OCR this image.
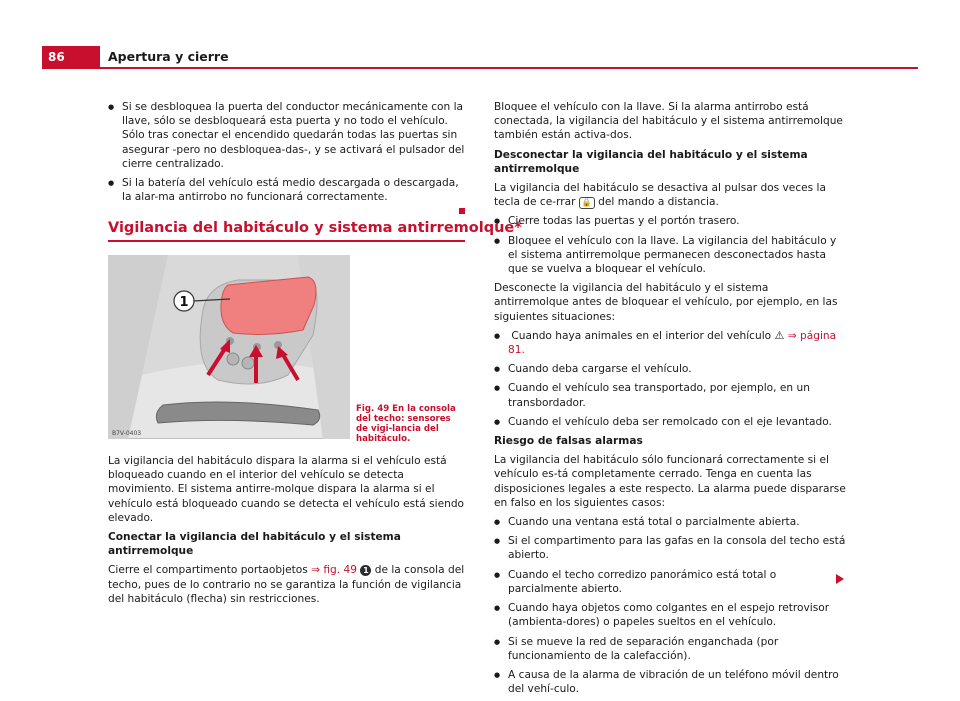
86	Apertura y cierre

● Si se desbloquea la puerta del conductor mecánicamente con la llave, sólo se desbloqueará esta puerta y no todo el vehículo. Sólo tras conectar el encendido quedarán todas las puertas sin asegurar -pero no desbloquea-das-, y se activará el pulsador del cierre centralizado.

● Si la batería del vehículo está medio descargada o descargada, la alar-ma antirrobo no funcionará correctamente.

Vigilancia del habitáculo y sistema antirremolque*
1
B7V-0403
Fig. 49 En la consola del techo: sensores de vigi-lancia del habitáculo.

La vigilancia del habitáculo dispara la alarma si el vehículo está bloqueado cuando en el interior del vehículo se detecta movimiento. El sistema antirre-molque dispara la alarma si el vehículo está bloqueado cuando se detecta el vehículo está siendo elevado.

Conectar la vigilancia del habitáculo y el sistema antirremolque

Cierre el compartimento portaobjetos ⇒ fig. 49 1 de la consola del techo, pues de lo contrario no se garantiza la función de vigilancia del habitáculo (flecha) sin restricciones.

Bloquee el vehículo con la llave. Si la alarma antirrobo está conectada, la vigilancia del habitáculo y el sistema antirremolque también están activa-dos.

Desconectar la vigilancia del habitáculo y el sistema antirremolque

La vigilancia del habitáculo se desactiva al pulsar dos veces la tecla de ce-rrar 🔒 del mando a distancia.

● Cierre todas las puertas y el portón trasero.

● Bloquee el vehículo con la llave. La vigilancia del habitáculo y el sistema antirremolque permanecen desconectados hasta que se vuelva a bloquear el vehículo.

Desconecte la vigilancia del habitáculo y el sistema antirremolque antes de bloquear el vehículo, por ejemplo, en las siguientes situaciones:

● Cuando haya animales en el interior del vehículo ⚠ ⇒ página 81.

● Cuando deba cargarse el vehículo.

● Cuando el vehículo sea transportado, por ejemplo, en un transbordador.

● Cuando el vehículo deba ser remolcado con el eje levantado.

Riesgo de falsas alarmas

La vigilancia del habitáculo sólo funcionará correctamente si el vehículo es-tá completamente cerrado. Tenga en cuenta las disposiciones legales a este respecto. La alarma puede dispararse en falso en los siguientes casos:

● Cuando una ventana está total o parcialmente abierta.

● Si el compartimento para las gafas en la consola del techo está abierto.

● Cuando el techo corredizo panorámico está total o parcialmente abierto.

● Cuando haya objetos como colgantes en el espejo retrovisor (ambienta-dores) o papeles sueltos en el vehículo.

● Si se mueve la red de separación enganchada (por funcionamiento de la calefacción).

● A causa de la alarma de vibración de un teléfono móvil dentro del vehí-culo.
